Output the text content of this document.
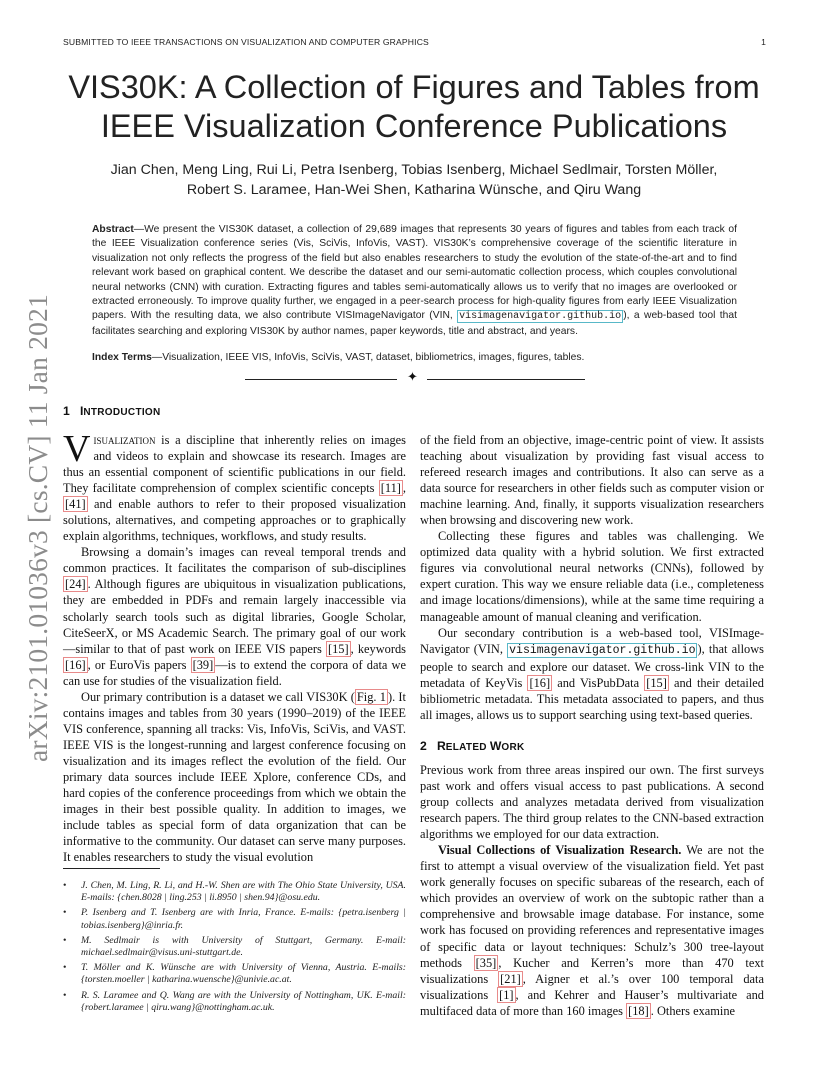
SUBMITTED TO IEEE TRANSACTIONS ON VISUALIZATION AND COMPUTER GRAPHICS	1
arXiv:2101.01036v3 [cs.CV] 11 Jan 2021
VIS30K: A Collection of Figures and Tables from
IEEE Visualization Conference Publications
Jian Chen, Meng Ling, Rui Li, Petra Isenberg, Tobias Isenberg, Michael Sedlmair, Torsten Möller,
Robert S. Laramee, Han-Wei Shen, Katharina Wünsche, and Qiru Wang
Abstract—We present the VIS30K dataset, a collection of 29,689 images that represents 30 years of figures and tables from each track of the IEEE Visualization conference series (Vis, SciVis, InfoVis, VAST). VIS30K’s comprehensive coverage of the scientific literature in visualization not only reflects the progress of the field but also enables researchers to study the evolution of the state-of-the-art and to find relevant work based on graphical content. We describe the dataset and our semi-automatic collection process, which couples convolutional neural networks (CNN) with curation. Extracting figures and tables semi-automatically allows us to verify that no images are overlooked or extracted erroneously. To improve quality further, we engaged in a peer-search process for high-quality figures from early IEEE Visualization papers. With the resulting data, we also contribute VISImageNavigator (VIN, visimagenavigator.github.io ), a web-based tool that facilitates searching and exploring VIS30K by author names, paper keywords, title and abstract, and years.
Index Terms—Visualization, IEEE VIS, InfoVis, SciVis, VAST, dataset, bibliometrics, images, figures, tables.
✦
1 INTRODUCTION

Visualization is a discipline that inherently relies on images and videos to explain and showcase its research. Images are thus an essential component of scientific publications in our field. They facilitate comprehension of complex scientific concepts [11] , [41] and enable authors to refer to their proposed visualization solutions, alternatives, and competing approaches or to graphically explain algorithms, techniques, workflows, and study results.

Browsing a domain’s images can reveal temporal trends and common practices. It facilitates the comparison of sub-disciplines [24] . Although figures are ubiquitous in visualization publications, they are embedded in PDFs and remain largely inaccessible via scholarly search tools such as digital libraries, Google Scholar, CiteSeerX, or MS Academic Search. The primary goal of our work—similar to that of past work on IEEE VIS papers [15] , keywords [16] , or EuroVis papers [39] —is to extend the corpora of data we can use for studies of the visualization field.

Our primary contribution is a dataset we call VIS30K ( Fig. 1 ). It contains images and tables from 30 years (1990–2019) of the IEEE VIS conference, spanning all tracks: Vis, InfoVis, SciVis, and VAST. IEEE VIS is the longest-running and largest conference focusing on visualization and its images reflect the evolution of the field. Our primary data sources include IEEE Xplore, conference CDs, and hard copies of the conference proceedings from which we obtain the images in their best possible quality. In addition to images, we include tables as special form of data organization that can be informative to the community. Our dataset can serve many purposes. It enables researchers to study the visual evolution

• J. Chen, M. Ling, R. Li, and H.-W. Shen are with The Ohio State University, USA. E-mails: {chen.8028 | ling.253 | li.8950 | shen.94}@osu.edu.
• P. Isenberg and T. Isenberg are with Inria, France. E-mails: {petra.isenberg | tobias.isenberg}@inria.fr.
• M. Sedlmair is with University of Stuttgart, Germany. E-mail: michael.sedlmair@visus.uni-stuttgart.de.
• T. Möller and K. Wünsche are with University of Vienna, Austria. E-mails: {torsten.moeller | katharina.wuensche}@univie.ac.at.
• R. S. Laramee and Q. Wang are with the University of Nottingham, UK. E-mail: {robert.laramee | qiru.wang}@nottingham.ac.uk.

of the field from an objective, image-centric point of view. It assists teaching about visualization by providing fast visual access to refereed research images and contributions. It also can serve as a data source for researchers in other fields such as computer vision or machine learning. And, finally, it supports visualization researchers when browsing and discovering new work.

Collecting these figures and tables was challenging. We optimized data quality with a hybrid solution. We first extracted figures via convolutional neural networks (CNNs), followed by expert curation. This way we ensure reliable data (i.e., completeness and image locations/dimensions), while at the same time requiring a manageable amount of manual cleaning and verification.

Our secondary contribution is a web-based tool, VISImage-Navigator (VIN, visimagenavigator.github.io ), that allows people to search and explore our dataset. We cross-link VIN to the metadata of KeyVis [16] and VisPubData [15] and their detailed bibliometric metadata. This metadata associated to papers, and thus all images, allows us to support searching using text-based queries.

2 RELATED WORK

Previous work from three areas inspired our own. The first surveys past work and offers visual access to past publications. A second group collects and analyzes metadata derived from visualization research papers. The third group relates to the CNN-based extraction algorithms we employed for our data extraction.

Visual Collections of Visualization Research. We are not the first to attempt a visual overview of the visualization field. Yet past work generally focuses on specific subareas of the research, each of which provides an overview of work on the subtopic rather than a comprehensive and browsable image database. For instance, some work has focused on providing references and representative images of specific data or layout techniques: Schulz’s 300 tree-layout methods [35] , Kucher and Kerren’s more than 470 text visualizations [21] , Aigner et al.’s over 100 temporal data visualizations [1] , and Kehrer and Hauser’s multivariate and multifaced data of more than 160 images [18] . Others examine
